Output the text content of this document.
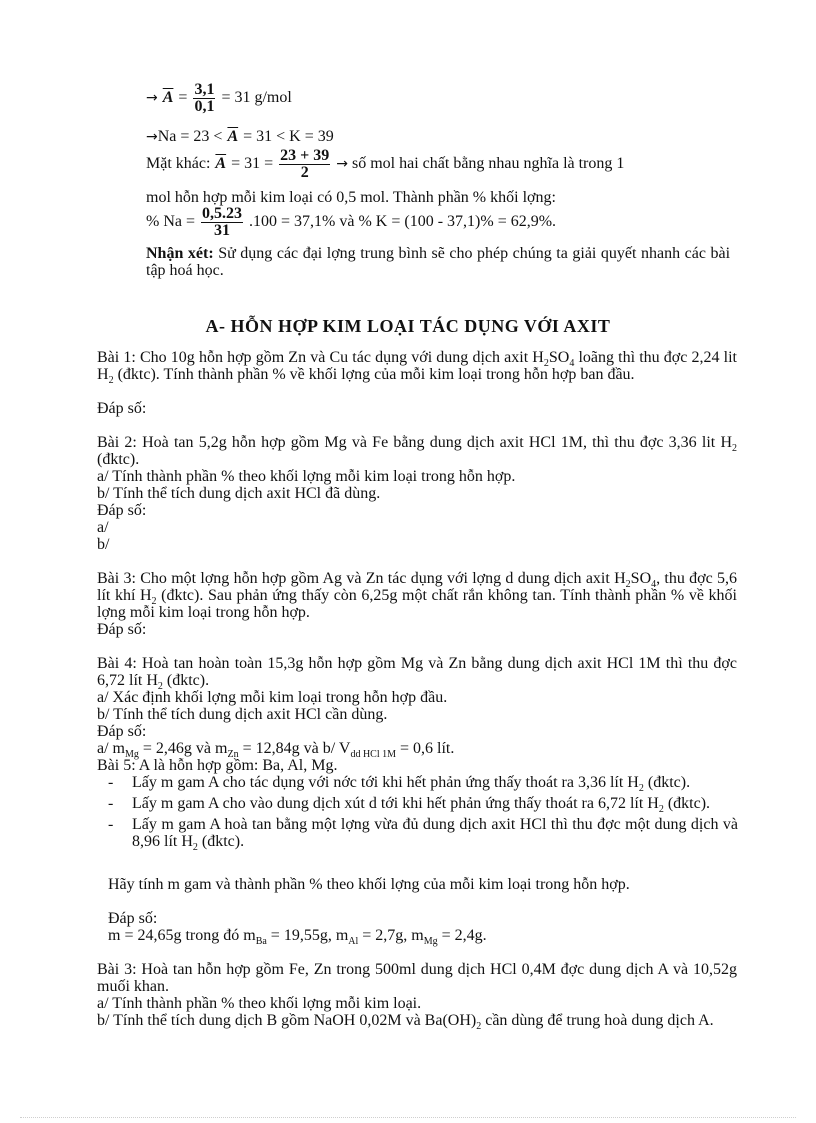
→ $\overline{A} = \frac{3,1}{0,1} = 31$ g/mol
$\to Na = 23 < \overline{A} = 31 < K = 39$
Mặt khác: $\overline{A} = 31 = \frac{23 + 39}{2}$ → số mol hai chất bằng nhau nghĩa là trong 1
mol hỗn hợp mỗi kim loại có 0,5 mol. Thành phần % khối lợng:
% $Na = \frac{0,5.23}{31} .100 = 37,1\%$ và % K = (100 - 37,1)% = 62,9%.
Nhận xét: Sử dụng các đại lợng trung bình sẽ cho phép chúng ta giải quyết nhanh các bài tập hoá học.
A- HỖN HỢP KIM LOẠI TÁC DỤNG VỚI AXIT
Bài 1: Cho 10g hỗn hợp gồm Zn và Cu tác dụng với dung dịch axit $H_2SO_4$ loãng thì thu đợc 2,24 lit $H_2$ (đktc). Tính thành phần % về khối lợng của mỗi kim loại trong hỗn hợp ban đầu.
Đáp số:
Bài 2: Hoà tan 5,2g hỗn hợp gồm Mg và Fe bằng dung dịch axit HCl 1M, thì thu đợc 3,36 lit $H_2$ (đktc).
a/ Tính thành phần % theo khối lợng mỗi kim loại trong hỗn hợp.
b/ Tính thể tích dung dịch axit HCl đã dùng.
Đáp số:
a/
b/
Bài 3: Cho một lợng hỗn hợp gồm Ag và Zn tác dụng với lợng d dung dịch axit $H_2SO_4$, thu đợc 5,6 lít khí $H_2$ (đktc). Sau phản ứng thấy còn 6,25g một chất rắn không tan. Tính thành phần % về khối lợng mỗi kim loại trong hỗn hợp.
Đáp số:
Bài 4: Hoà tan hoàn toàn 15,3g hỗn hợp gồm Mg và Zn bằng dung dịch axit HCl 1M thì thu đợc 6,72 lít $H_2$ (đktc).
a/ Xác định khối lợng mỗi kim loại trong hỗn hợp đầu.
b/ Tính thể tích dung dịch axit HCl cần dùng.
Đáp số:
a/ $m_{Mg} = 2,46g$ và $m_{Zn} = 12,84g$ và b/ $V_{dd HCl 1M} = 0,6$ lít.
Bài 5: A là hỗn hợp gồm: Ba, Al, Mg.
- Lấy m gam A cho tác dụng với nớc tới khi hết phản ứng thấy thoát ra 3,36 lít $H_2$ (đktc).
- Lấy m gam A cho vào dung dịch xút d tới khi hết phản ứng thấy thoát ra 6,72 lít $H_2$ (đktc).
- Lấy m gam A hoà tan bằng một lợng vừa đủ dung dịch axit HCl thì thu đợc một dung dịch và 8,96 lít $H_2$ (đktc).
Hãy tính m gam và thành phần % theo khối lợng của mỗi kim loại trong hỗn hợp.
Đáp số:
m = 24,65g trong đó $m_{Ba} = 19,55g$, $m_{Al} = 2,7g$, $m_{Mg} = 2,4g$.
Bài 3: Hoà tan hỗn hợp gồm Fe, Zn trong 500ml dung dịch HCl 0,4M đợc dung dịch A và 10,52g muối khan.
a/ Tính thành phần % theo khối lợng mỗi kim loại.
b/ Tính thể tích dung dịch B gồm NaOH 0,02M và $Ba(OH)_2$ cần dùng để trung hoà dung dịch A.
